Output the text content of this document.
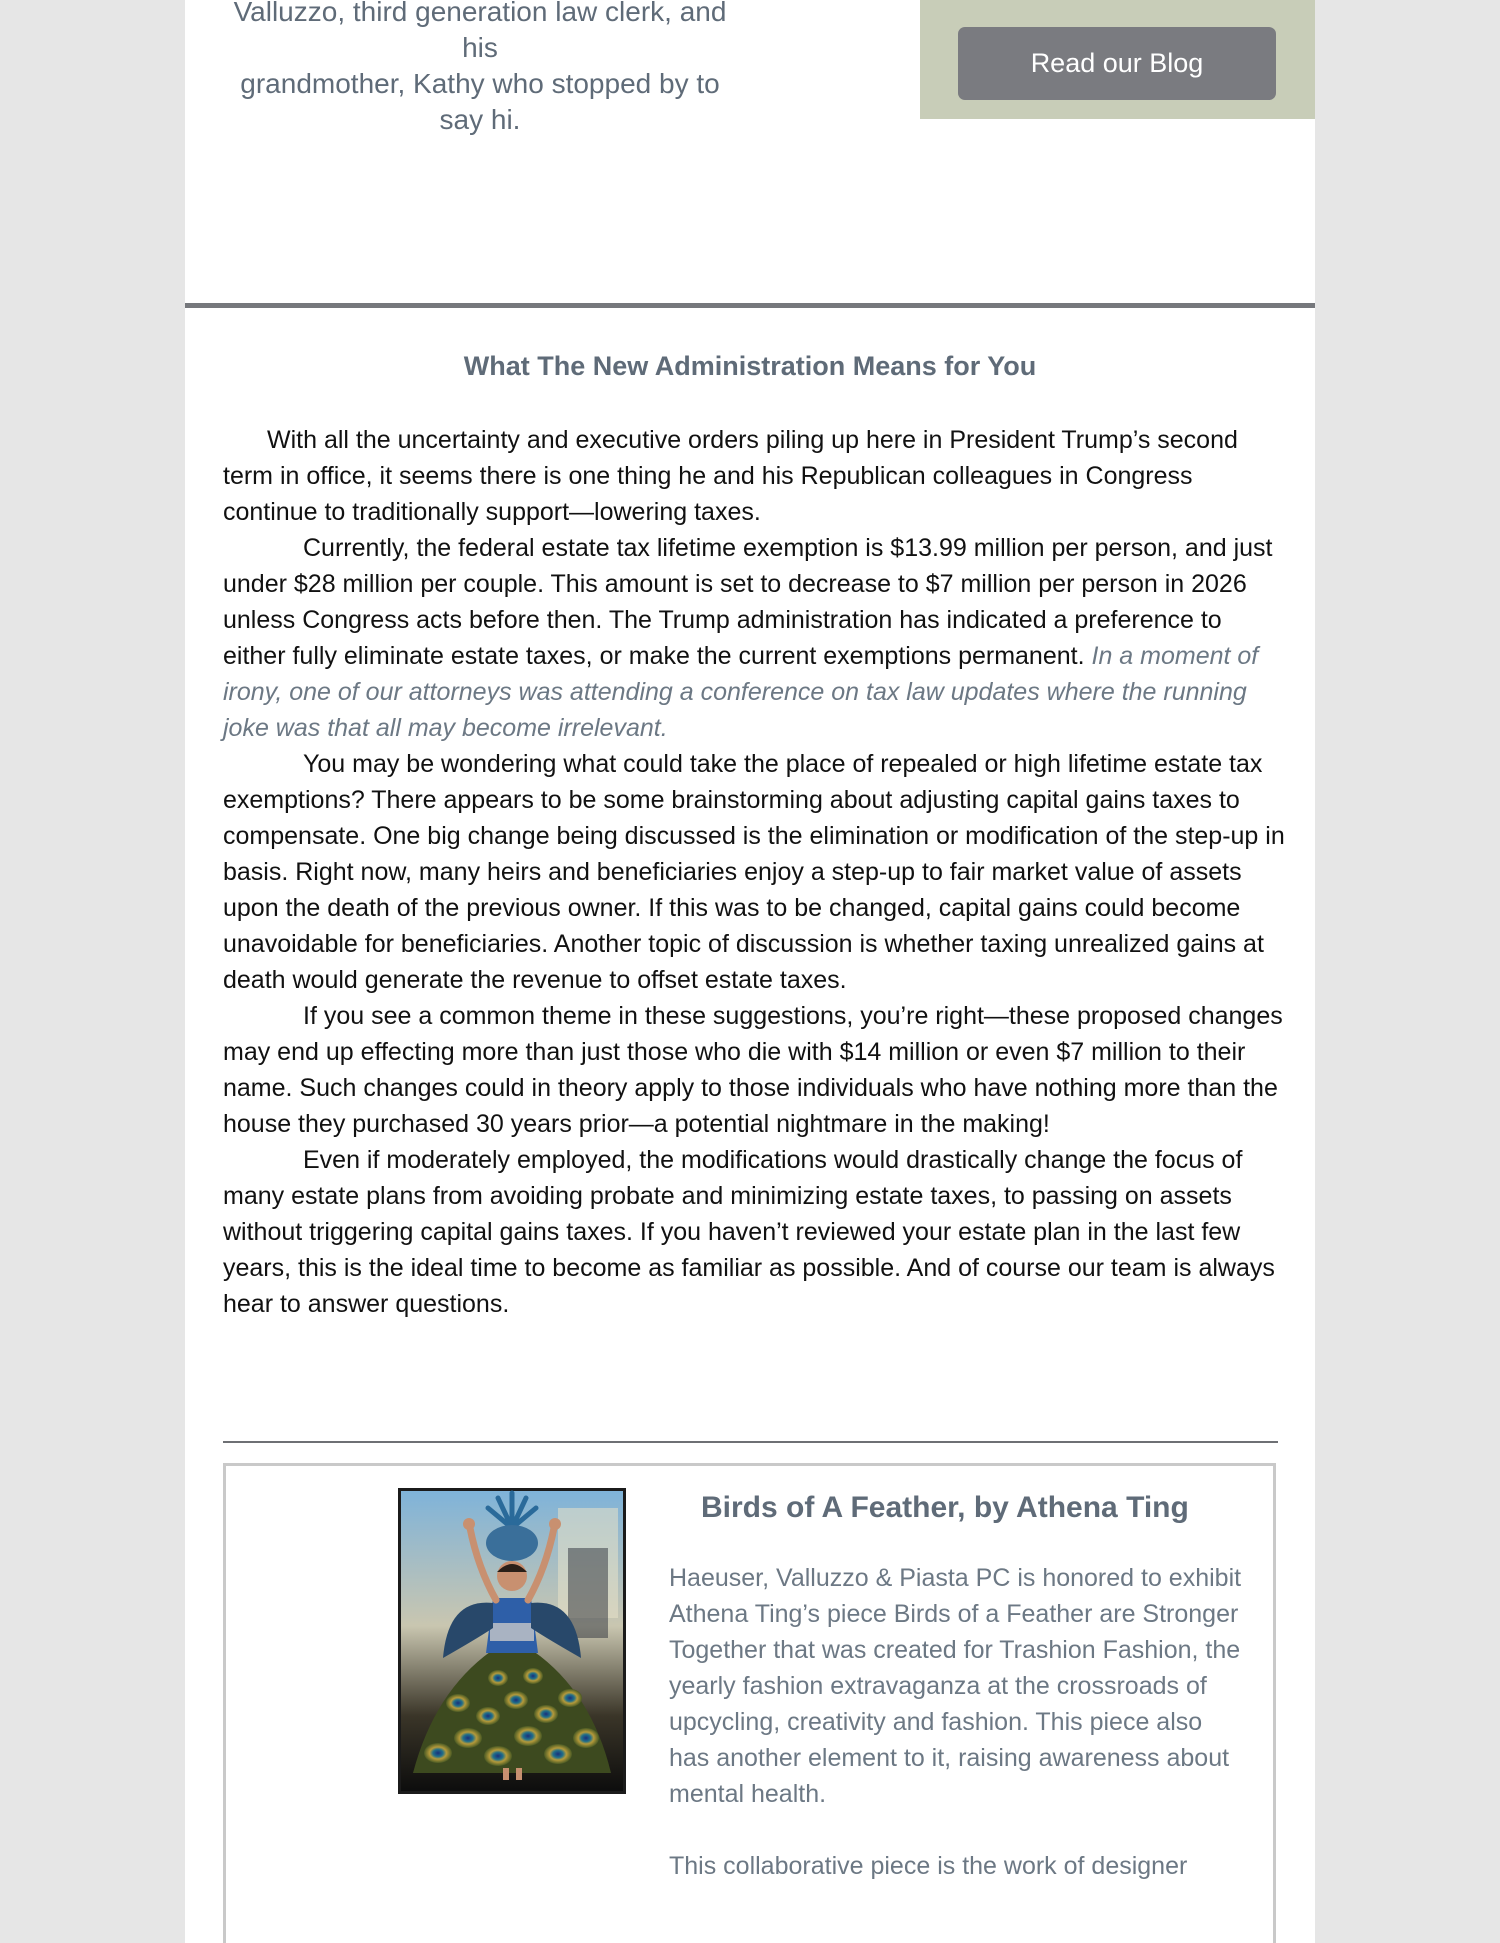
Valluzzo, third generation law clerk, and his
grandmother, Kathy who stopped by to say hi.
Read our Blog
What The New Administration Means for You

With all the uncertainty and executive orders piling up here in President Trump’s second term in office, it seems there is one thing he and his Republican colleagues in Congress continue to traditionally support—lowering taxes.

Currently, the federal estate tax lifetime exemption is $13.99 million per person, and just under $28 million per couple. This amount is set to decrease to $7 million per person in 2026 unless Congress acts before then. The Trump administration has indicated a preference to either fully eliminate estate taxes, or make the current exemptions permanent. In a moment of irony, one of our attorneys was attending a conference on tax law updates where the running joke was that all may become irrelevant.

You may be wondering what could take the place of repealed or high lifetime estate tax exemptions? There appears to be some brainstorming about adjusting capital gains taxes to compensate. One big change being discussed is the elimination or modification of the step-up in basis. Right now, many heirs and beneficiaries enjoy a step-up to fair market value of assets upon the death of the previous owner. If this was to be changed, capital gains could become unavoidable for beneficiaries. Another topic of discussion is whether taxing unrealized gains at death would generate the revenue to offset estate taxes.

If you see a common theme in these suggestions, you’re right—these proposed changes may end up effecting more than just those who die with $14 million or even $7 million to their name. Such changes could in theory apply to those individuals who have nothing more than the house they purchased 30 years prior—a potential nightmare in the making!

Even if moderately employed, the modifications would drastically change the focus of many estate plans from avoiding probate and minimizing estate taxes, to passing on assets without triggering capital gains taxes. If you haven’t reviewed your estate plan in the last few years, this is the ideal time to become as familiar as possible. And of course our team is always hear to answer questions.

Birds of A Feather, by Athena Ting

Haeuser, Valluzzo & Piasta PC is honored to exhibit Athena Ting’s piece Birds of a Feather are Stronger Together that was created for Trashion Fashion, the yearly fashion extravaganza at the crossroads of upcycling, creativity and fashion. This piece also has another element to it, raising awareness about mental health.

This collaborative piece is the work of designer
